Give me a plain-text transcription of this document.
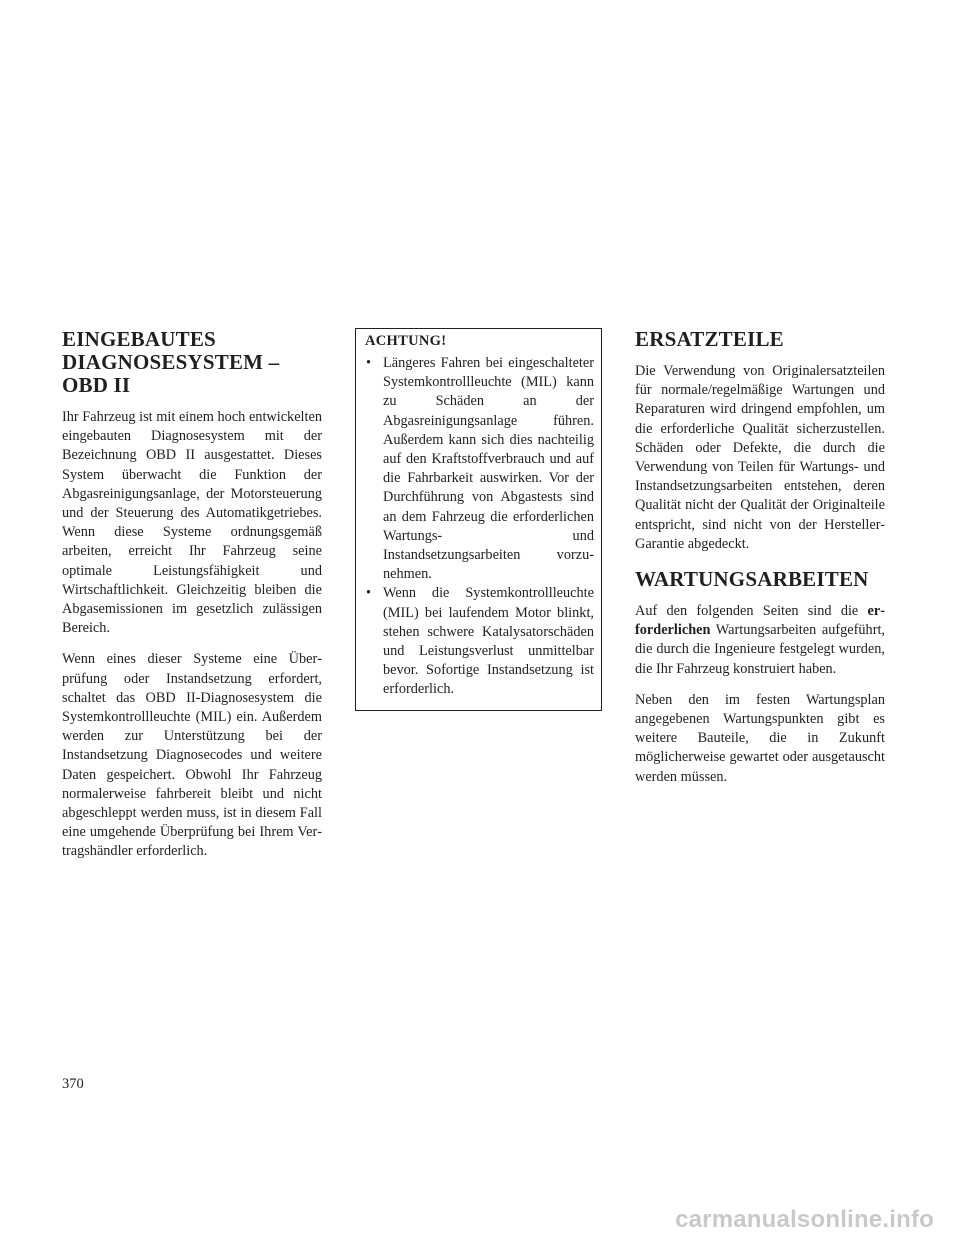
EINGEBAUTES DIAGNOSESYSTEM – OBD II

Ihr Fahrzeug ist mit einem hoch entwickelten eingebauten Diagnosesystem mit der Bezeichnung OBD II ausgestattet. Dieses System überwacht die Funktion der Abgasreinigungsanlage, der Motorsteuerung und der Steuerung des Automatikgetriebes. Wenn diese Systeme ordnungsgemäß arbeiten, erreicht Ihr Fahrzeug seine optimale Leistungsfähigkeit und Wirtschaftlichkeit. Gleichzeitig bleiben die Abgasemissionen im gesetzlich zulässigen Bereich.

Wenn eines dieser Systeme eine Überprüfung oder Instandsetzung erfordert, schaltet das OBD II-Diagnosesystem die Systemkontrollleuchte (MIL) ein. Außerdem werden zur Unterstützung bei der Instandsetzung Diagnosecodes und weitere Daten gespeichert. Obwohl Ihr Fahrzeug normalerweise fahrbereit bleibt und nicht abgeschleppt werden muss, ist in diesem Fall eine umgehende Überprüfung bei Ihrem Vertragshändler erforderlich.

ACHTUNG!
• Längeres Fahren bei eingeschalteter Systemkontrollleuchte (MIL) kann zu Schäden an der Abgasreinigungsanlage führen. Außerdem kann sich dies nachteilig auf den Kraftstoffverbrauch und auf die Fahrbarkeit auswirken. Vor der Durchführung von Abgastests sind an dem Fahrzeug die erforderlichen Wartungs- und Instandsetzungsarbeiten vorzunehmen.
• Wenn die Systemkontrollleuchte (MIL) bei laufendem Motor blinkt, stehen schwere Katalysatorschäden und Leistungsverlust unmittelbar bevor. Sofortige Instandsetzung ist erforderlich.
ERSATZTEILE

Die Verwendung von Originalersatzteilen für normale/regelmäßige Wartungen und Reparaturen wird dringend empfohlen, um die erforderliche Qualität sicherzustellen. Schäden oder Defekte, die durch die Verwendung von Teilen für Wartungs- und Instandsetzungsarbeiten entstehen, deren Qualität nicht der Qualität der Originalteile entspricht, sind nicht von der Hersteller-Garantie abgedeckt.

WARTUNGSARBEITEN

Auf den folgenden Seiten sind die erforderlichen Wartungsarbeiten aufgeführt, die durch die Ingenieure festgelegt wurden, die Ihr Fahrzeug konstruiert haben.

Neben den im festen Wartungsplan angegebenen Wartungspunkten gibt es weitere Bauteile, die in Zukunft möglicherweise gewartet oder ausgetauscht werden müssen.

370
carmanualsonline.info
